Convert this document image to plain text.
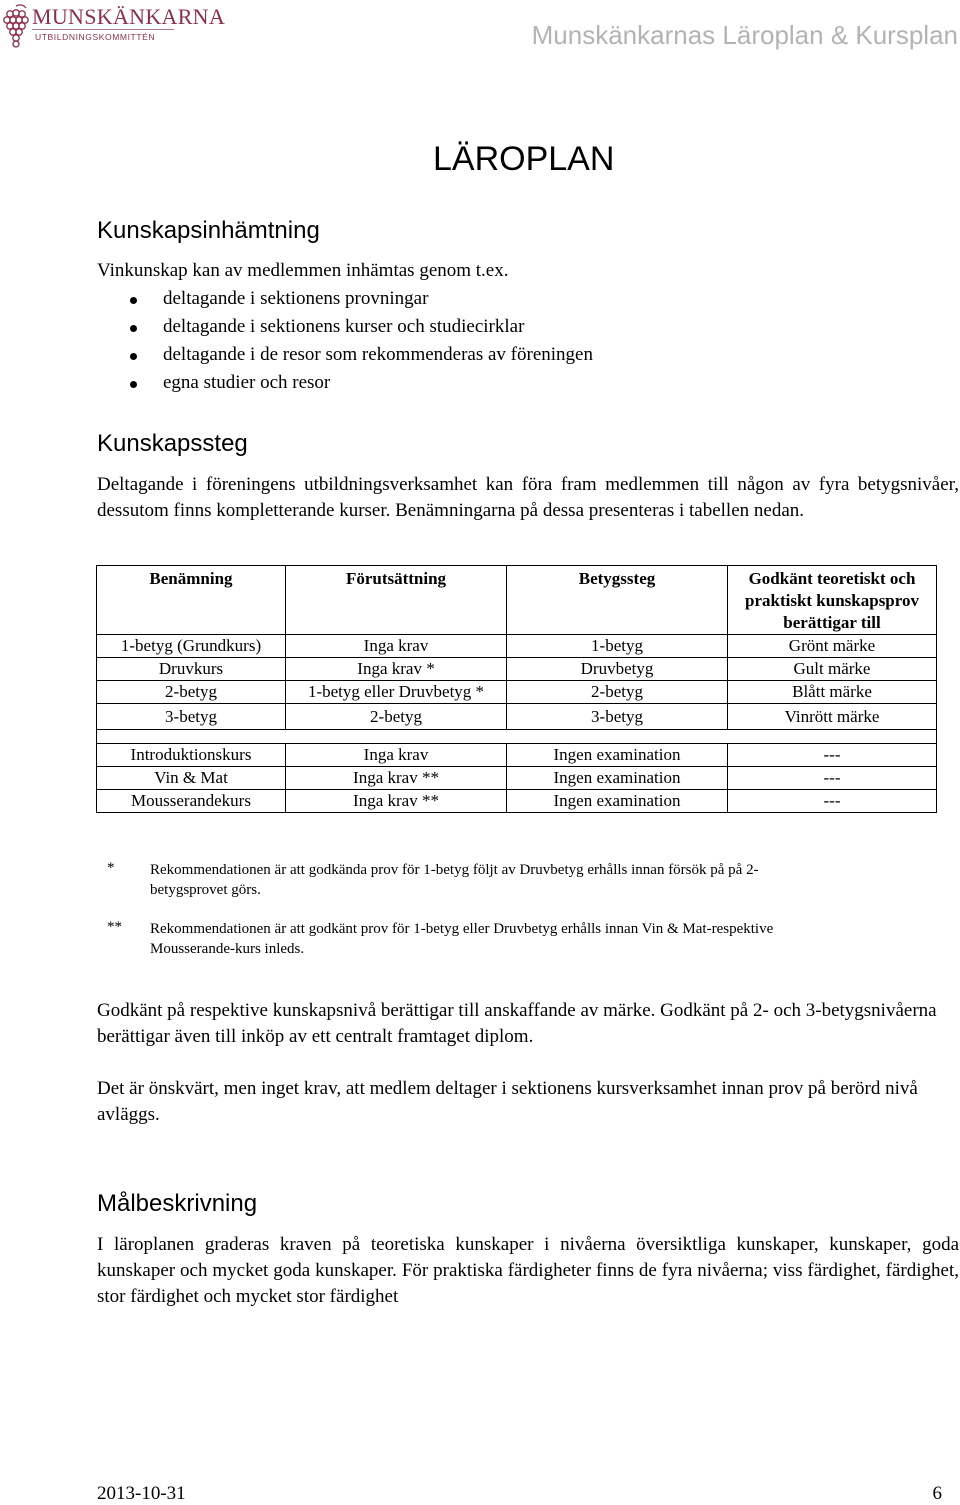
MUNSKÄNKARNA
UTBILDNINGSKOMMITTÉN	Munskänkarnas Läroplan & Kursplan
LÄROPLAN
Kunskapsinhämtning
Vinkunskap kan av medlemmen inhämtas genom t.ex.
deltagande i sektionens provningar
deltagande i sektionens kurser och studiecirklar
deltagande i de resor som rekommenderas av föreningen
egna studier och resor
Kunskapssteg
Deltagande i föreningens utbildningsverksamhet kan föra fram medlemmen till någon av fyra betygsnivåer, dessutom finns kompletterande kurser. Benämningarna på dessa presenteras i tabellen nedan.
Benämning	Förutsättning	Betygssteg	Godkänt teoretiskt och praktiskt kunskapsprov berättigar till
1-betyg (Grundkurs)	Inga krav	1-betyg	Grönt märke
Druvkurs	Inga krav *	Druvbetyg	Gult märke
2-betyg	1-betyg eller Druvbetyg *	2-betyg	Blått märke
3-betyg	2-betyg	3-betyg	Vinrött märke

Introduktionskurs	Inga krav	Ingen examination	---
Vin & Mat	Inga krav **	Ingen examination	---
Mousserandekurs	Inga krav **	Ingen examination	---
* Rekommendationen är att godkända prov för 1-betyg följt av Druvbetyg erhålls innan försök på på 2- betygsprovet görs.
** Rekommendationen är att godkänt prov för 1-betyg eller Druvbetyg erhålls innan Vin & Mat-respektive Mousserande-kurs inleds.
Godkänt på respektive kunskapsnivå berättigar till anskaffande av märke. Godkänt på 2- och 3-betygsnivåerna berättigar även till inköp av ett centralt framtaget diplom.
Det är önskvärt, men inget krav, att medlem deltager i sektionens kursverksamhet innan prov på berörd nivå avläggs.
Målbeskrivning
I läroplanen graderas kraven på teoretiska kunskaper i nivåerna översiktliga kunskaper, kunskaper, goda kunskaper och mycket goda kunskaper. För praktiska färdigheter finns de fyra nivåerna; viss färdighet, färdighet, stor färdighet och mycket stor färdighet
2013-10-31	6
